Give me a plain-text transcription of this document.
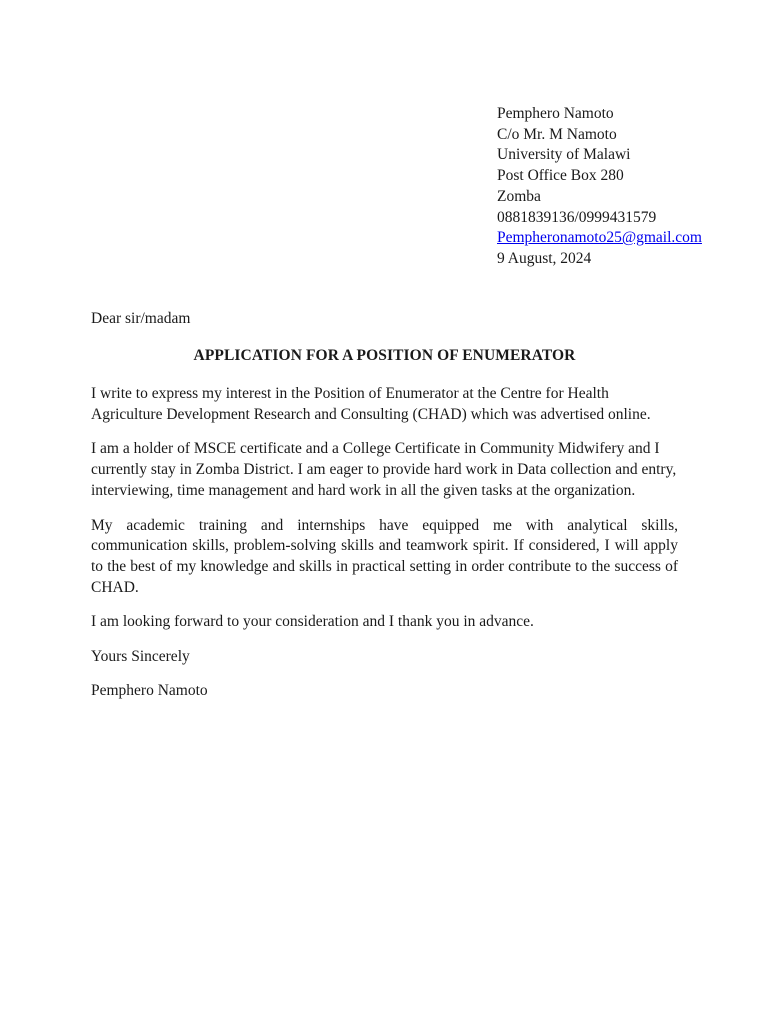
Pemphero Namoto
C/o Mr. M Namoto
University of Malawi
Post Office Box 280
Zomba
0881839136/0999431579
Pempheronamoto25@gmail.com
9 August, 2024
Dear sir/madam
APPLICATION FOR A POSITION OF ENUMERATOR

I write to express my interest in the Position of Enumerator at the Centre for Health Agriculture Development Research and Consulting (CHAD) which was advertised online.

I am a holder of MSCE certificate and a College Certificate in Community Midwifery and I currently stay in Zomba District. I am eager to provide hard work in Data collection and entry, interviewing, time management and hard work in all the given tasks at the organization.

My academic training and internships have equipped me with analytical skills, communication skills, problem-solving skills and teamwork spirit. If considered, I will apply to the best of my knowledge and skills in practical setting in order contribute to the success of CHAD.

I am looking forward to your consideration and I thank you in advance.

Yours Sincerely
Pemphero Namoto
